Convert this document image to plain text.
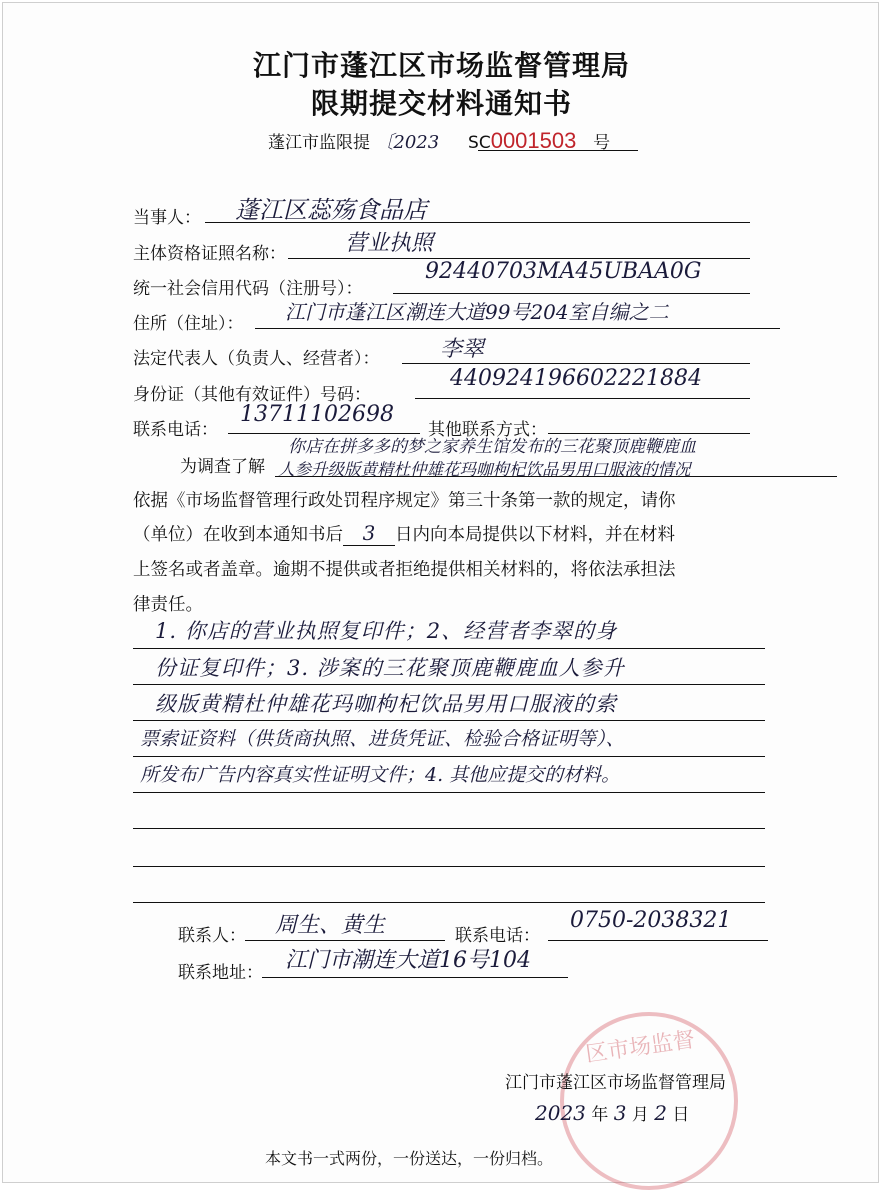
江门市蓬江区市场监督管理局
限期提交材料通知书
蓬江市监限提 〔2023 SC0001503 号
当事人： 蓬江区蕊殇食品店
主体资格证照名称：	营业执照
统一社会信用代码（注册号）：
92440703MA45UBAA0G
住所（住址）： 江门市蓬江区潮连大道99号204室自编之二
法定代表人（负责人、经营者）：	李翠
身份证（其他有效证件）号码：
440924196602221884
联系电话：
13711102698
其他联系方式：
为调查了解
你店在拼多多的梦之家养生馆发布的三花聚顶鹿鞭鹿血
人参升级版黄精杜仲雄花玛咖枸杞饮品男用口服液的情况
依据《市场监督管理行政处罚程序规定》第三十条第一款的规定，请你
（单位）在收到本通知书后 3 日内向本局提供以下材料，并在材料
上签名或者盖章。逾期不提供或者拒绝提供相关材料的，将依法承担法
律责任。
1. 你店的营业执照复印件；2、经营者李翠的身
份证复印件；3. 涉案的三花聚顶鹿鞭鹿血人参升
级版黄精杜仲雄花玛咖枸杞饮品男用口服液的索
票索证资料（供货商执照、进货凭证、检验合格证明等）、
所发布广告内容真实性证明文件；4. 其他应提交的材料。
联系人： 周生、黄生	联系电话：
0750-2038321
联系地址： 江门市潮连大道16号104
区市场监督
江门市蓬江区市场监督管理局
2023 年 3 月 2 日
本文书一式两份，一份送达，一份归档。
